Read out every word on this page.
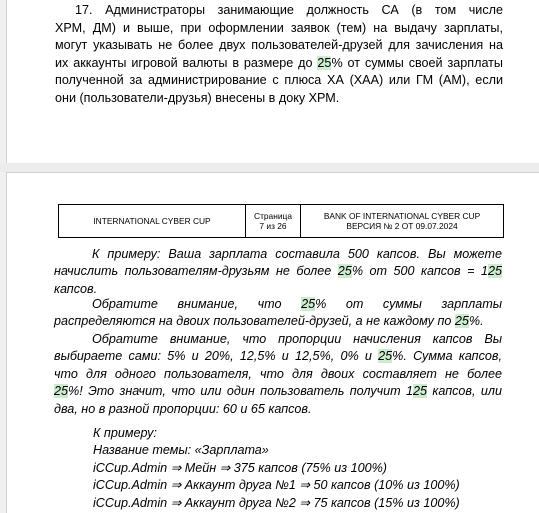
17. Администраторы занимающие должность СА (в том числе
ХРМ, ДМ) и выше, при оформлении заявок (тем) на выдачу зарплаты,
могут указывать не более двух пользователей-друзей для зачисления на
их аккаунты игровой валюты в размере до 25% от суммы своей зарплаты
полученной за администрирование с плюса ХА (ХАА) или ГМ (АМ), если
они (пользователи-друзья) внесены в доку ХРМ.
INTERNATIONAL CYBER CUP	Страница
7 из 26	BANK OF INTERNATIONAL CYBER CUP
ВЕРСИЯ № 2 ОТ 09.07.2024
К примеру: Ваша зарплата составила 500 капсов. Вы можете
начислить пользователям-друзьям не более 25% от 500 капсов = 125
капсов.
Обратите внимание, что 25% от суммы зарплаты
распределяются на двоих пользователей-друзей, а не каждому по 25%.
Обратите внимание, что пропорции начисления капсов Вы
выбираете сами: 5% и 20%, 12,5% и 12,5%, 0% и 25%. Сумма капсов,
что для одного пользователя, что для двоих составляет не более
25%! Это значит, что или один пользователь получит 125 капсов, или
два, но в разной пропорции: 60 и 65 капсов.
К примеру:
Название темы: «Зарплата»
iCCup.Admin ⇒ Мейн ⇒ 375 капсов (75% из 100%)
iCCup.Admin ⇒ Аккаунт друга №1 ⇒ 50 капсов (10% из 100%)
iCCup.Admin ⇒ Аккаунт друга №2 ⇒ 75 капсов (15% из 100%)
